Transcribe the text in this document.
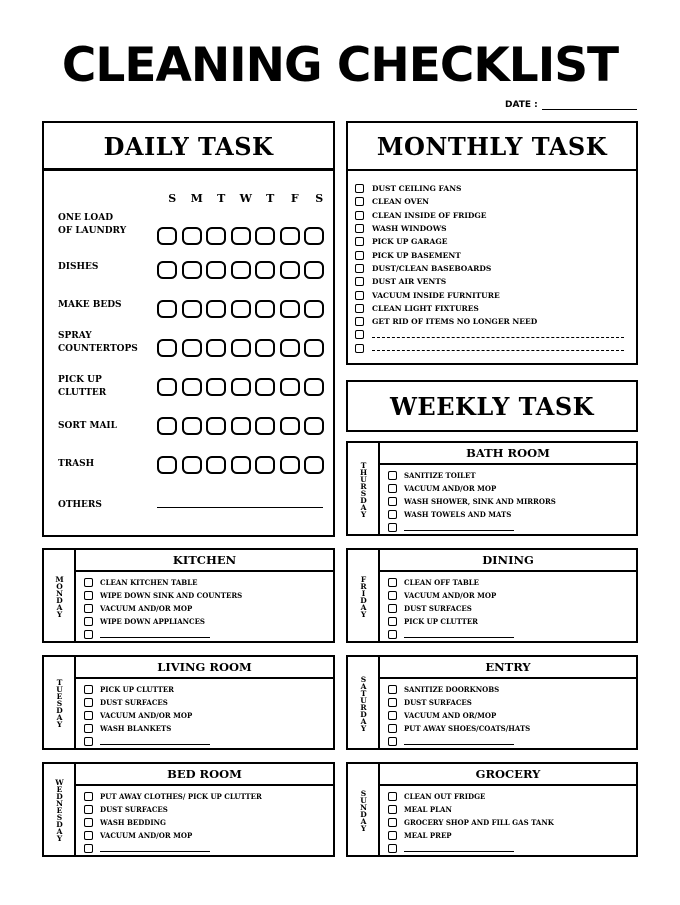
CLEANING CHECKLIST
DATE :
DAILY TASK
S	M	T	W	T	F	S
ONE LOAD
OF LAUNDRY
DISHES
MAKE BEDS
SPRAY
COUNTERTOPS
PICK UP
CLUTTER
SORT MAIL
TRASH
OTHERS
MONTHLY TASK
DUST CEILING FANS
CLEAN OVEN
CLEAN INSIDE OF FRIDGE
WASH WINDOWS
PICK UP GARAGE
PICK UP BASEMENT
DUST/CLEAN BASEBOARDS
DUST AIR VENTS
VACUUM INSIDE FURNITURE
CLEAN LIGHT FIXTURES
GET RID OF ITEMS NO LONGER NEED
WEEKLY TASK
THURSDAY
BATH ROOM
SANITIZE TOILET
VACUUM AND/OR MOP
WASH SHOWER, SINK AND MIRRORS
WASH TOWELS AND MATS
MONDAY
KITCHEN
CLEAN KITCHEN TABLE
WIPE DOWN SINK AND COUNTERS
VACUUM AND/OR MOP
WIPE DOWN APPLIANCES
FRIDAY
DINING
CLEAN OFF TABLE
VACUUM AND/OR MOP
DUST SURFACES
PICK UP CLUTTER
TUESDAY
LIVING ROOM
PICK UP CLUTTER
DUST SURFACES
VACUUM AND/OR MOP
WASH BLANKETS	SATURDAY
ENTRY
SANITIZE DOORKNOBS
DUST SURFACES
VACUUM AND OR/MOP
PUT AWAY SHOES/COATS/HATS
WEDNESDAY
BED ROOM
PUT AWAY CLOTHES/ PICK UP CLUTTER
DUST SURFACES
WASH BEDDING
VACUUM AND/OR MOP
SUNDAY
GROCERY
CLEAN OUT FRIDGE
MEAL PLAN
GROCERY SHOP AND FILL GAS TANK
MEAL PREP
